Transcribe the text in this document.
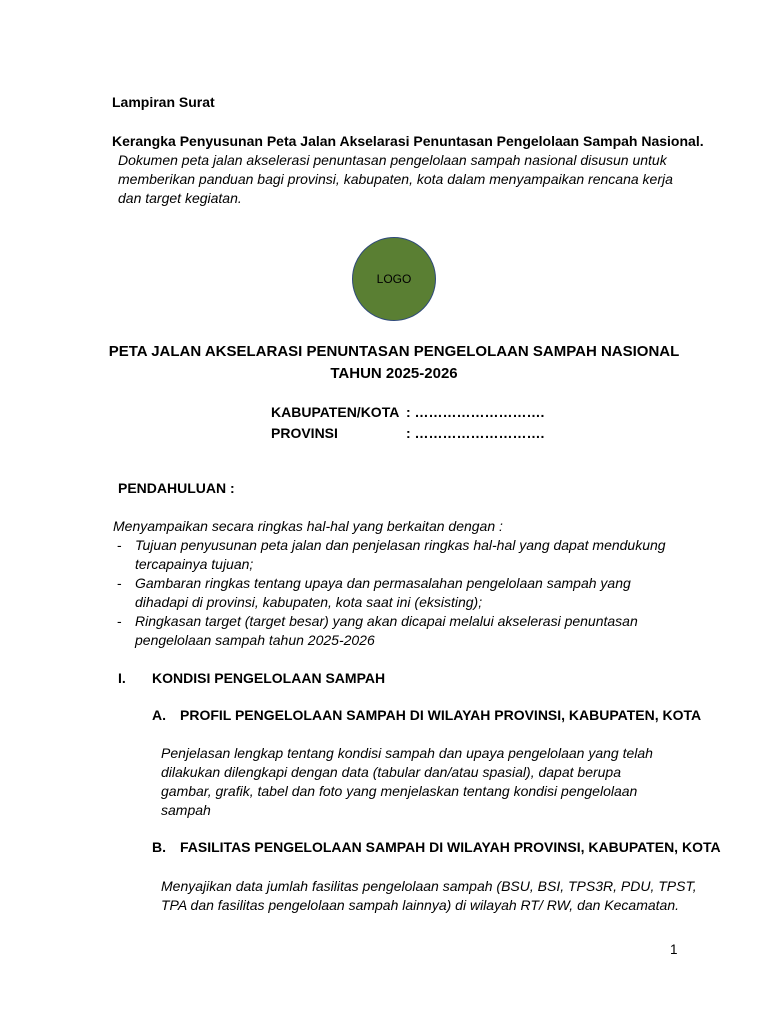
Lampiran Surat
Kerangka Penyusunan Peta Jalan Akselarasi Penuntasan Pengelolaan Sampah Nasional.
Dokumen peta jalan akselerasi penuntasan pengelolaan sampah nasional disusun untuk
memberikan panduan bagi provinsi, kabupaten, kota dalam menyampaikan rencana kerja
dan target kegiatan.
LOGO
PETA JALAN AKSELARASI PENUNTASAN PENGELOLAAN SAMPAH NASIONAL
TAHUN 2025-2026
KABUPATEN/KOTA : ……………………….
PROVINSI	: ……………………….
PENDAHULUAN :
Menyampaikan secara ringkas hal-hal yang berkaitan dengan :
- Tujuan penyusunan peta jalan dan penjelasan ringkas hal-hal yang dapat mendukung
tercapainya tujuan;
- Gambaran ringkas tentang upaya dan permasalahan pengelolaan sampah yang
dihadapi di provinsi, kabupaten, kota saat ini (eksisting);
- Ringkasan target (target besar) yang akan dicapai melalui akselerasi penuntasan
pengelolaan sampah tahun 2025-2026
I. KONDISI PENGELOLAAN SAMPAH
A. PROFIL PENGELOLAAN SAMPAH DI WILAYAH PROVINSI, KABUPATEN, KOTA
Penjelasan lengkap tentang kondisi sampah dan upaya pengelolaan yang telah
dilakukan dilengkapi dengan data (tabular dan/atau spasial), dapat berupa
gambar, grafik, tabel dan foto yang menjelaskan tentang kondisi pengelolaan
sampah
B. FASILITAS PENGELOLAAN SAMPAH DI WILAYAH PROVINSI, KABUPATEN, KOTA
Menyajikan data jumlah fasilitas pengelolaan sampah (BSU, BSI, TPS3R, PDU, TPST,
TPA dan fasilitas pengelolaan sampah lainnya) di wilayah RT/ RW, dan Kecamatan.
1
